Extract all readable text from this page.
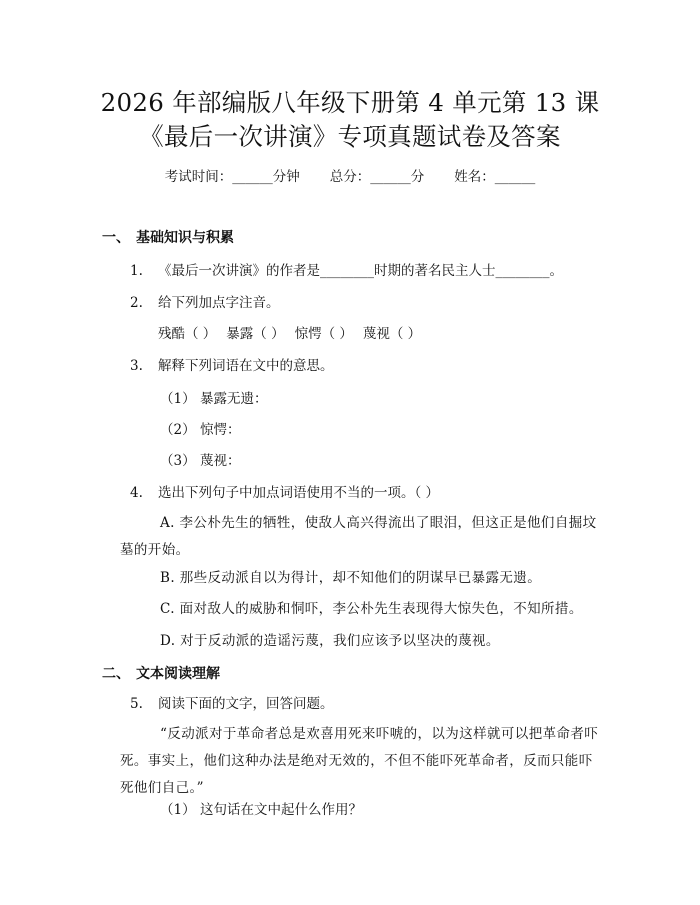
2026 年部编版八年级下册第 4 单元第 13 课
《最后一次讲演》专项真题试卷及答案
考试时间：______分钟 总分：______分 姓名：______
一、 基础知识与积累
1. 《最后一次讲演》的作者是________时期的著名民主人士________。
2. 给下列加点字注音。
残酷（ ） 暴露（ ） 惊愕（ ） 蔑视（ ）
3. 解释下列词语在文中的意思。
（1） 暴露无遗：
（2） 惊愕：
（3） 蔑视：
4. 选出下列句子中加点词语使用不当的一项。（ ）
A. 李公朴先生的牺牲，使敌人高兴得流出了眼泪，但这正是他们自掘坟墓的开始。
B. 那些反动派自以为得计，却不知他们的阴谋早已暴露无遗。
C. 面对敌人的威胁和恫吓，李公朴先生表现得大惊失色，不知所措。
D. 对于反动派的造谣污蔑，我们应该予以坚决的蔑视。
二、 文本阅读理解
5. 阅读下面的文字，回答问题。
“反动派对于革命者总是欢喜用死来吓唬的，以为这样就可以把革命者吓死。事实上，他们这种办法是绝对无效的，不但不能吓死革命者，反而只能吓死他们自己。”
（1） 这句话在文中起什么作用？
